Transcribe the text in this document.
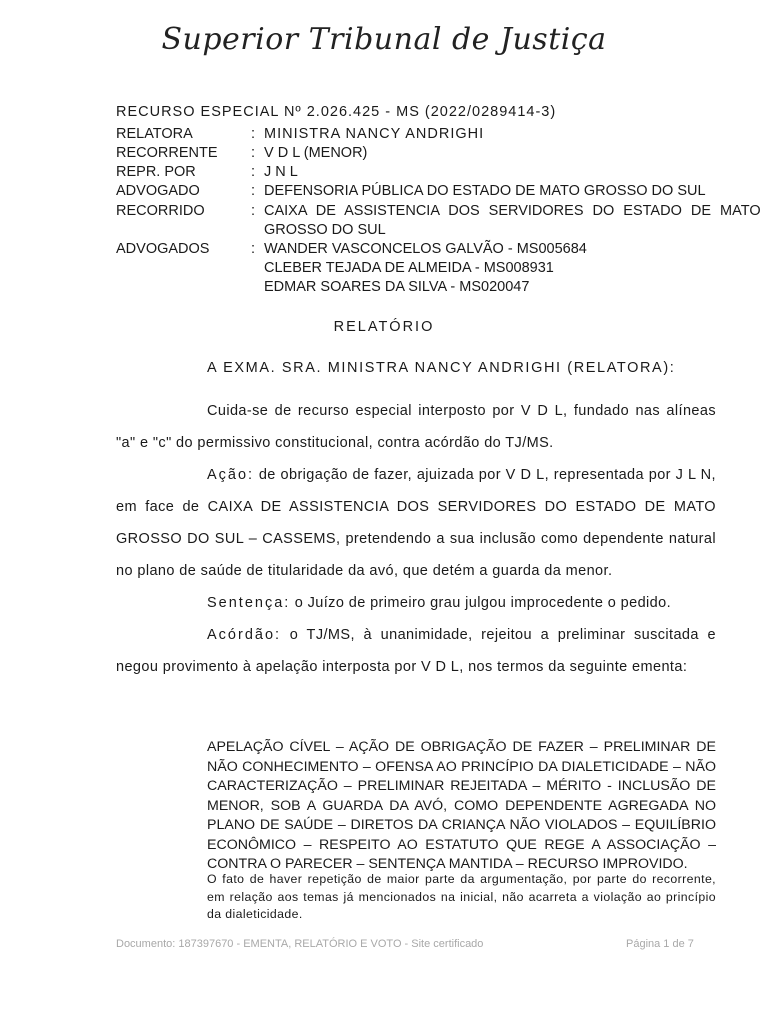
Superior Tribunal de Justiça
RECURSO ESPECIAL Nº 2.026.425 - MS (2022/0289414-3)
RELATORA	: MINISTRA NANCY ANDRIGHI
RECORRENTE : V D L (MENOR)
REPR. POR	: J N L
ADVOGADO	: DEFENSORIA PÚBLICA DO ESTADO DE MATO GROSSO DO SUL
RECORRIDO	: CAIXA DE ASSISTENCIA DOS SERVIDORES DO ESTADO DE MATO
GROSSO DO SUL
ADVOGADOS	: WANDER VASCONCELOS GALVÃO - MS005684
CLEBER TEJADA DE ALMEIDA - MS008931
EDMAR SOARES DA SILVA - MS020047
RELATÓRIO
A EXMA. SRA. MINISTRA NANCY ANDRIGHI (RELATORA):
Cuida-se de recurso especial interposto por V D L, fundado nas alíneas "a" e "c" do permissivo constitucional, contra acórdão do TJ/MS.
Ação: de obrigação de fazer, ajuizada por V D L, representada por J L N, em face de CAIXA DE ASSISTENCIA DOS SERVIDORES DO ESTADO DE MATO GROSSO DO SUL – CASSEMS, pretendendo a sua inclusão como dependente natural no plano de saúde de titularidade da avó, que detém a guarda da menor.
Sentença: o Juízo de primeiro grau julgou improcedente o pedido.
Acórdão: o TJ/MS, à unanimidade, rejeitou a preliminar suscitada e negou provimento à apelação interposta por V D L, nos termos da seguinte ementa:
APELAÇÃO CÍVEL – AÇÃO DE OBRIGAÇÃO DE FAZER – PRELIMINAR DE NÃO CONHECIMENTO – OFENSA AO PRINCÍPIO DA DIALETICIDADE – NÃO CARACTERIZAÇÃO – PRELIMINAR REJEITADA – MÉRITO - INCLUSÃO DE MENOR, SOB A GUARDA DA AVÓ, COMO DEPENDENTE AGREGADA NO PLANO DE SAÚDE – DIRETOS DA CRIANÇA NÃO VIOLADOS – EQUILÍBRIO ECONÔMICO – RESPEITO AO ESTATUTO QUE REGE A ASSOCIAÇÃO – CONTRA O PARECER – SENTENÇA MANTIDA – RECURSO IMPROVIDO.
O fato de haver repetição de maior parte da argumentação, por parte do recorrente, em relação aos temas já mencionados na inicial, não acarreta a violação ao princípio da dialeticidade.
Documento: 187397670 - EMENTA, RELATÓRIO E VOTO - Site certificado	Página 1 de 7
